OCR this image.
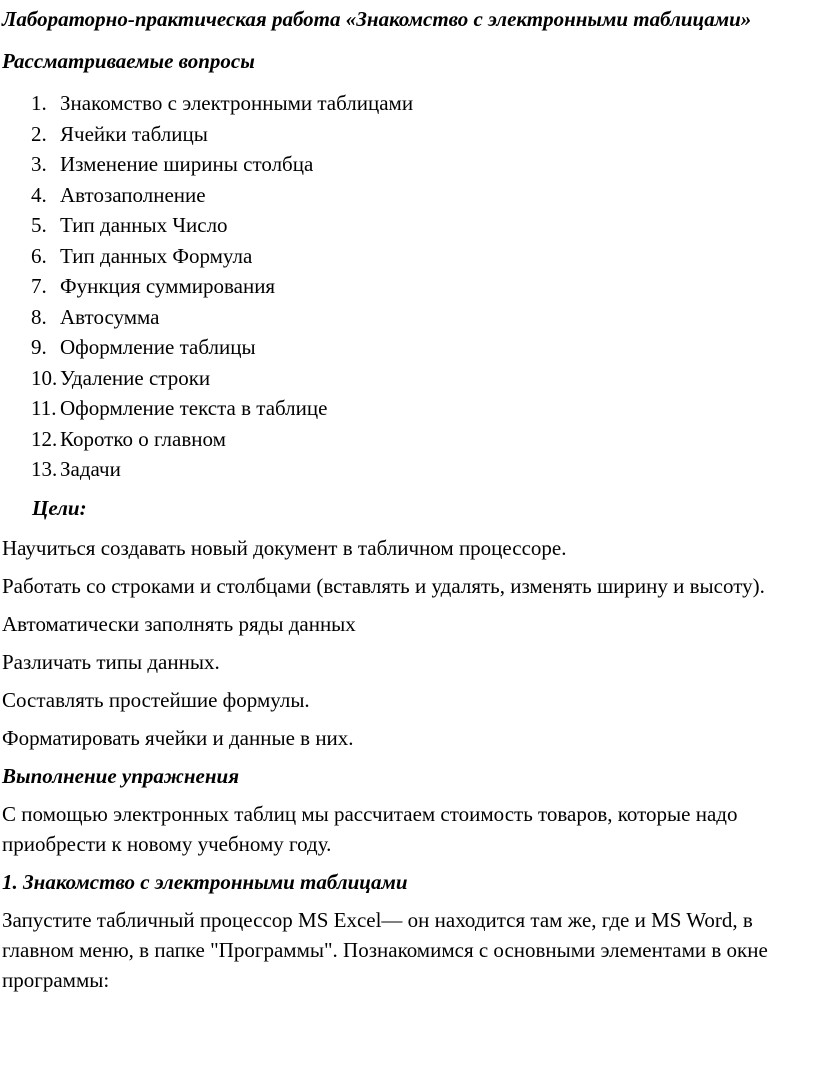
Лабораторно-практическая работа «Знакомство с электронными таблицами»

Рассматриваемые вопросы

1. Знакомство с электронными таблицами
2. Ячейки таблицы
3. Изменение ширины столбца
4. Автозаполнение
5. Тип данных Число
6. Тип данных Формула
7. Функция суммирования
8. Автосумма
9. Оформление таблицы
10. Удаление строки
11. Оформление текста в таблице
12. Коротко о главном
13. Задачи

Цели:

Научиться создавать новый документ в табличном процессоре.

Работать со строками и столбцами (вставлять и удалять, изменять ширину и высоту).

Автоматически заполнять ряды данных

Различать типы данных.

Составлять простейшие формулы.

Форматировать ячейки и данные в них.

Выполнение упражнения

С помощью электронных таблиц мы рассчитаем стоимость товаров, которые надо приобрести к новому учебному году.

1. Знакомство с электронными таблицами

Запустите табличный процессор MS Excel— он находится там же, где и MS Word, в главном меню, в папке "Программы". Познакомимся с основными элементами в окне программы:
